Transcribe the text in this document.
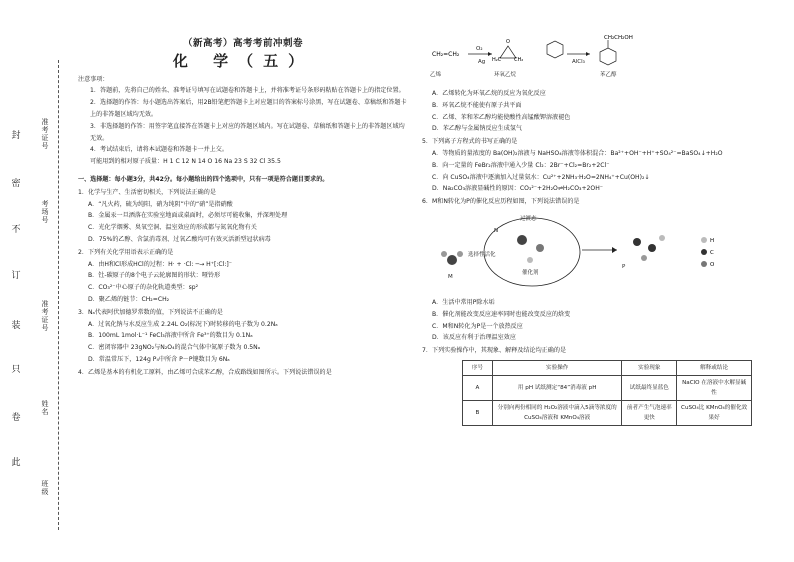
封
密
不
订
装
只
卷
此
准考证号
考场号
准考证号
姓名
班级
（新高考）高考考前冲刺卷
化 学（五）
注意事项：
1．答题前，先将自己的姓名、准考证号填写在试题卷和答题卡上，并将准考证号条形码粘贴在答题卡上的指定位置。
2．选择题的作答：每小题选出答案后，用2B铅笔把答题卡上对应题目的答案标号涂黑，写在试题卷、草稿纸和答题卡上的非答题区域均无效。
3．非选择题的作答：用签字笔直接答在答题卡上对应的答题区域内。写在试题卷、草稿纸和答题卡上的非答题区域均无效。
4．考试结束后，请将本试题卷和答题卡一并上交。
可能用到的相对原子质量：H 1 C 12 N 14 O 16 Na 23 S 32 Cl 35.5
一、选择题：每小题3分，共42分。每小题给出的四个选项中，只有一项是符合题目要求的。
1．化学与生产、生活密切相关，下列说法正确的是
A．“凡火药，硫为纯阳，硝为纯阴”中的“硝”是指硝酸
B．金属汞一旦洒落在实验室地面或桌面时，必须尽可能收集，并深埋处理
C．光化学烟雾、臭氧空洞、温室效应的形成都与氮氧化物有关
D．75%的乙醇、含氯消毒剂、过氧乙酸均可有效灭活新型冠状病毒
2．下列有关化学用语表示正确的是
A．由H和Cl形成HCl的过程：H· + ·Cl: ─→ H⁺[:Cl:]⁻
B．钍-碳原子的8个电子云轮廓图的形状：哑铃形
C．CO₃²⁻中心原子的杂化轨道类型：sp²
D．聚乙烯的链节：CH₂=CH₂
3．Nₐ代表阿伏加德罗常数的值，下列说法不正确的是
A．过氧化钠与水反应生成 2.24L O₂(标况下)时转移的电子数为 0.2Nₐ
B．100mL 1mol·L⁻¹ FeCl₃溶液中所含 Fe³⁺的数目为 0.1Nₐ
C．密闭容器中 23gNO₂与N₂O₄的混合气体中氮原子数为 0.5Nₐ
D．常温常压下，124g P₄中所含 P－P键数目为 6Nₐ
4．乙烯是基本的有机化工原料，由乙烯可合成苯乙醇，合成路线如图所示。下列说法错误的是
CH₂=CH₂
H₂C	CH₂
O
CH₂CH₂OH
乙烯	环氧乙烷	苯乙醇
O₂
Ag	AlCl₃
A．乙烯转化为环氧乙烷的反应为氧化反应
B．环氧乙烷不能使有原子共平面
C．乙烯、苯和苯乙醇均能使酸性高锰酸钾溶液褪色
D．苯乙醇与金属钠反应生成氢气
5．下列离子方程式的书写正确的是
A．等物质的量浓度的 Ba(OH)₂溶液与 NaHSO₄溶液等体积混合：Ba²⁺+OH⁻+H⁺+SO₄²⁻=BaSO₄↓+H₂O
B．向一定量的 FeBr₂溶液中通入少量 Cl₂：2Br⁻+Cl₂=Br₂+2Cl⁻
C．向 CuSO₄溶液中逐滴加入过量氨水：Cu²⁺+2NH₃·H₂O=2NH₄⁺+Cu(OH)₂↓
D．Na₂CO₃溶液显碱性的原因：CO₃²⁻+2H₂O⇌H₂CO₃+2OH⁻
6．M和N转化为P的催化反应历程如图，下列说法错误的是
H
C
O
过渡态
选择性活化
催化剂
M
N
P
A．生活中常用P除水垢
B．催化剂能改变反应速率同时也能改变反应的焓变
C．M和N转化为P是一个放热反应
D．该反应有利于治理温室效应
7．下列实验操作中，其现象、解释及结论均正确的是
序号	实验操作	实验现象	解释或结论
A	用 pH 试纸测定“84”消毒液 pH	试纸最终显蓝色	NaClO 在溶液中水解显碱性
B	分别向两份相同的 H₂O₂溶液中滴入5滴等浓度的 CuSO₄溶液和 KMnO₄溶液	前者产生气泡速率更快	CuSO₄比 KMnO₄的催化效果好
